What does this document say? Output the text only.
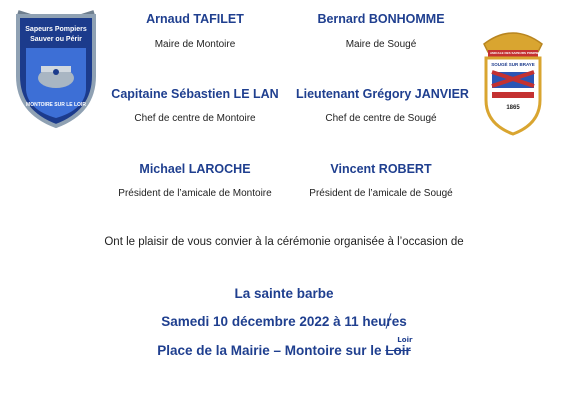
Sapeurs Pompiers
Sauver ou Périr
MONTOIRE SUR LE LOIR
AMICALE DES SAPEURS POMPIERS
SOUGÉ SUR BRAYE
1865
Arnaud TAFILET
Maire de Montoire
Bernard BONHOMME
Maire de Sougé
Capitaine Sébastien LE LAN
Chef de centre de Montoire
Lieutenant Grégory JANVIER
Chef de centre de Sougé
Michael LAROCHE
Président de l’amicale de Montoire
Vincent ROBERT
Président de l’amicale de Sougé
Ont le plaisir de vous convier à la cérémonie organisée à l’occasion de
La sainte barbe
Samedi 10 décembre 2022 à 11 heur
es
Place de la Mairie – Montoire sur le Loir
Loir
